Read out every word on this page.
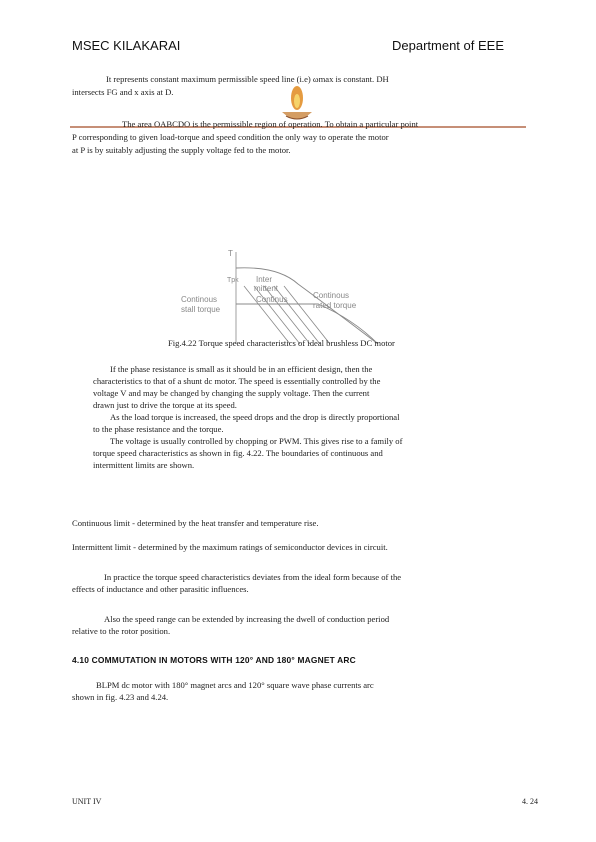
MSEC KILAKARAI	Department of EEE

It represents constant maximum permissible speed line (i.e) ωmax is constant. DH

intersects FG and x axis at D.

The area OABCDO is the permissible region of operation. To obtain a particular point

P corresponding to given load-torque and speed condition the only way to operate the motor

at P is by suitably adjusting the supply voltage fed to the motor.

T
Tpk Inter
mittent
Continus
Continous
stall torque
Continous
rated torque
Fig.4.22 Torque speed characteristics of ideal brushless DC motor

If the phase resistance is small as it should be in an efficient design, then the

characteristics to that of a shunt dc motor. The speed is essentially controlled by the

voltage V and may be changed by changing the supply voltage. Then the current

drawn just to drive the torque at its speed.

As the load torque is increased, the speed drops and the drop is directly proportional

to the phase resistance and the torque.

The voltage is usually controlled by chopping or PWM. This gives rise to a family of

torque speed characteristics as shown in fig. 4.22. The boundaries of continuous and

intermittent limits are shown.

Continuous limit - determined by the heat transfer and temperature rise.

Intermittent limit - determined by the maximum ratings of semiconductor devices in circuit.

In practice the torque speed characteristics deviates from the ideal form because of the

effects of inductance and other parasitic influences.

Also the speed range can be extended by increasing the dwell of conduction period

relative to the rotor position.

4.10 COMMUTATION IN MOTORS WITH 120° AND 180° MAGNET ARC

BLPM dc motor with 180° magnet arcs and 120° square wave phase currents arc

shown in fig. 4.23 and 4.24.

UNIT IV	4. 24
